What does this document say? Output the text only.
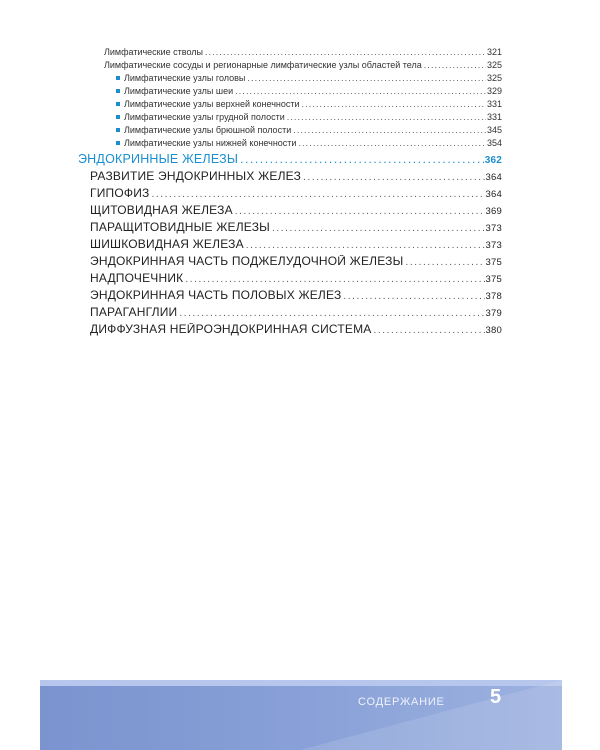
Лимфатические стволы .....	321
Лимфатические сосуды и регионарные лимфатические узлы областей тела .....	325
Лимфатические узлы головы .....	325
Лимфатические узлы шеи .....	329
Лимфатические узлы верхней конечности .....	331
Лимфатические узлы грудной полости .....	331
Лимфатические узлы брюшной полости .....	345
Лимфатические узлы нижней конечности .....	354
ЭНДОКРИННЫЕ ЖЕЛЕЗЫ .....	362
РАЗВИТИЕ ЭНДОКРИННЫХ ЖЕЛЕЗ .....	364
ГИПОФИЗ .....	364
ЩИТОВИДНАЯ ЖЕЛЕЗА .....	369
ПАРАЩИТОВИДНЫЕ ЖЕЛЕЗЫ .....	373
ШИШКОВИДНАЯ ЖЕЛЕЗА .....	373
ЭНДОКРИННАЯ ЧАСТЬ ПОДЖЕЛУДОЧНОЙ ЖЕЛЕЗЫ .....	375
НАДПОЧЕЧНИК .....	375
ЭНДОКРИННАЯ ЧАСТЬ ПОЛОВЫХ ЖЕЛЕЗ .....	378
ПАРАГАНГЛИИ .....	379
ДИФФУЗНАЯ НЕЙРОЭНДОКРИННАЯ СИСТЕМА .....	380
СОДЕРЖАНИЕ 5
